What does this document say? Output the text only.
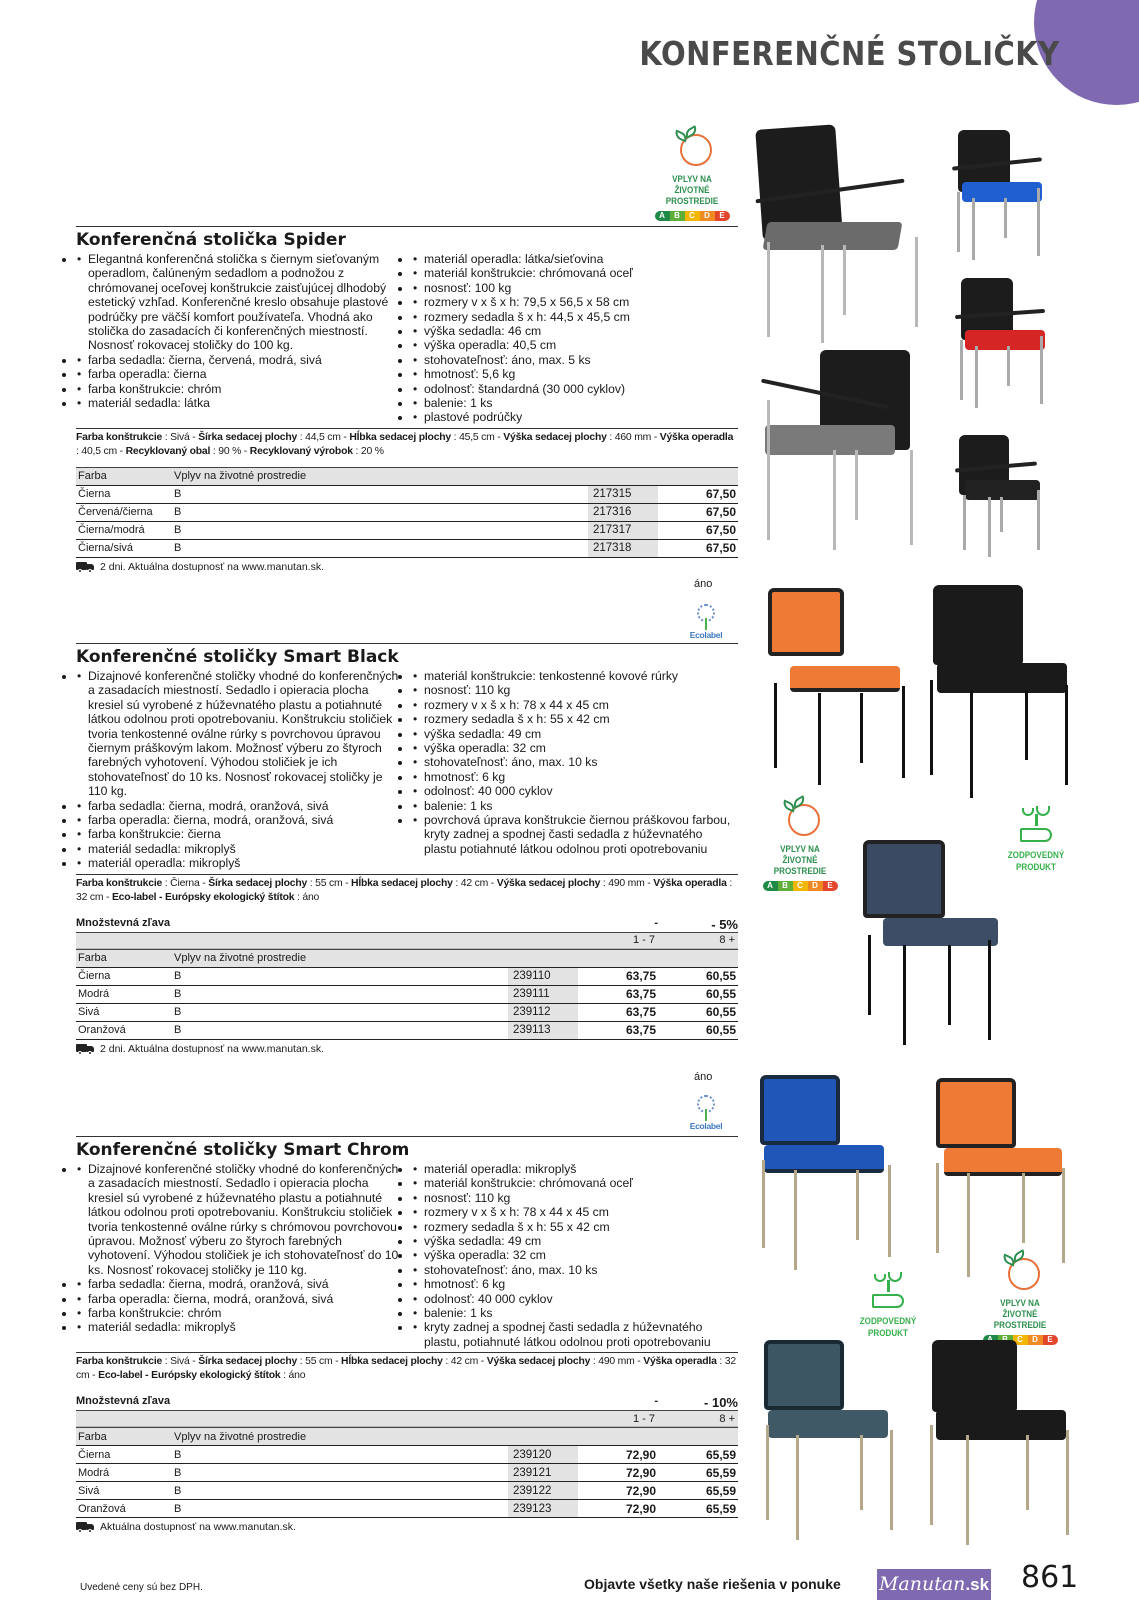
KONFERENČNÉ STOLIČKY
VPLYV NA
ŽIVOTNÉ PROSTREDIE
A	B	C	D	E
Konferenčná stolička Spider
• • Elegantná konferenčná stolička s čiernym sieťovaným operadlom, čalúneným sedadlom a podnožou z chrómovanej oceľovej konštrukcie zaisťujúcej dlhodobý estetický vzhľad. Konferenčné kreslo obsahuje plastové podrúčky pre väčší komfort používateľa. Vhodná ako stolička do zasadacích či konferenčných miestností. Nosnosť rokovacej stoličky do 100 kg.
• • farba sedadla: čierna, červená, modrá, sivá
• • farba operadla: čierna
• • farba konštrukcie: chróm
• • materiál sedadla: látka
• • materiál operadla: látka/sieťovina
• • materiál konštrukcie: chrómovaná oceľ
• • nosnosť: 100 kg
• • rozmery v x š x h: 79,5 x 56,5 x 58 cm
• • rozmery sedadla š x h: 44,5 x 45,5 cm
• • výška sedadla: 46 cm
• • výška operadla: 40,5 cm
• • stohovateľnosť: áno, max. 5 ks
• • hmotnosť: 5,6 kg
• • odolnosť: štandardná (30 000 cyklov)
• • balenie: 1 ks
• • plastové podrúčky
Farba konštrukcie : Sivá - Šírka sedacej plochy : 44,5 cm - Hĺbka sedacej plochy : 45,5 cm - Výška sedacej plochy : 460 mm - Výška operadla : 40,5 cm - Recyklovaný obal : 90 % - Recyklovaný výrobok : 20 %
Farba	Vplyv na životné prostredie		
Čierna	B	217315	67,50
Červená/čierna	B	217316	67,50
Čierna/modrá	B	217317	67,50
Čierna/sivá	B	217318	67,50
2 dni. Aktuálna dostupnosť na www.manutan.sk.
áno
Ecolabel
Konferenčné stoličky Smart Black
• • Dizajnové konferenčné stoličky vhodné do konferenčných a zasadacích miestností. Sedadlo i opieracia plocha kresiel sú vyrobené z húževnatého plastu a potiahnuté látkou odolnou proti opotrebovaniu. Konštrukciu stoličiek tvoria tenkostenné oválne rúrky s povrchovou úpravou čiernym práškovým lakom. Možnosť výberu zo štyroch farebných vyhotovení. Výhodou stoličiek je ich stohovateľnosť do 10 ks. Nosnosť rokovacej stoličky je 110 kg.
• • farba sedadla: čierna, modrá, oranžová, sivá
• • farba operadla: čierna, modrá, oranžová, sivá
• • farba konštrukcie: čierna
• • materiál sedadla: mikroplyš
• • materiál operadla: mikroplyš
• • materiál konštrukcie: tenkostenné kovové rúrky
• • nosnosť: 110 kg
• • rozmery v x š x h: 78 x 44 x 45 cm
• • rozmery sedadla š x h: 55 x 42 cm
• • výška sedadla: 49 cm
• • výška operadla: 32 cm
• • stohovateľnosť: áno, max. 10 ks
• • hmotnosť: 6 kg
• • odolnosť: 40 000 cyklov
• • balenie: 1 ks
• • povrchová úprava konštrukcie čiernou práškovou farbou, kryty zadnej a spodnej časti sedadla z húževnatého plastu potiahnuté látkou odolnou proti opotrebovaniu
Farba konštrukcie : Čierna - Šírka sedacej plochy : 55 cm - Hĺbka sedacej plochy : 42 cm - Výška sedacej plochy : 490 mm - Výška operadla : 32 cm - Eco-label - Európsky ekologický štítok : áno
Množstevná zľava	-	- 5%
1 - 7	8 +
Farba	Vplyv na životné prostredie			
Čierna	B	239110	63,75	60,55
Modrá	B	239111	63,75	60,55
Sivá	B	239112	63,75	60,55
Oranžová	B	239113	63,75	60,55
2 dni. Aktuálna dostupnosť na www.manutan.sk.
VPLYV NA
ŽIVOTNÉ PROSTREDIE
A	B	C	D	E
ZODPOVEDNÝ
PRODUKT
áno
Ecolabel
Konferenčné stoličky Smart Chrom
• • Dizajnové konferenčné stoličky vhodné do konferenčných a zasadacích miestností. Sedadlo i opieracia plocha kresiel sú vyrobené z húževnatého plastu a potiahnuté látkou odolnou proti opotrebovaniu. Konštrukciu stoličiek tvoria tenkostenné oválne rúrky s chrómovou povrchovou úpravou. Možnosť výberu zo štyroch farebných vyhotovení. Výhodou stoličiek je ich stohovateľnosť do 10 ks. Nosnosť rokovacej stoličky je 110 kg.
• • farba sedadla: čierna, modrá, oranžová, sivá
• • farba operadla: čierna, modrá, oranžová, sivá
• • farba konštrukcie: chróm
• • materiál sedadla: mikroplyš
• • materiál operadla: mikroplyš
• • materiál konštrukcie: chrómovaná oceľ
• • nosnosť: 110 kg
• • rozmery v x š x h: 78 x 44 x 45 cm
• • rozmery sedadla š x h: 55 x 42 cm
• • výška sedadla: 49 cm
• • výška operadla: 32 cm
• • stohovateľnosť: áno, max. 10 ks
• • hmotnosť: 6 kg
• • odolnosť: 40 000 cyklov
• • balenie: 1 ks
• • kryty zadnej a spodnej časti sedadla z húževnatého plastu, potiahnuté látkou odolnou proti opotrebovaniu
Farba konštrukcie : Sivá - Šírka sedacej plochy : 55 cm - Hĺbka sedacej plochy : 42 cm - Výška sedacej plochy : 490 mm - Výška operadla : 32 cm - Eco-label - Európsky ekologický štítok : áno
Množstevná zľava	-	- 10%
1 - 7	8 +
Farba	Vplyv na životné prostredie			
Čierna	B	239120	72,90	65,59
Modrá	B	239121	72,90	65,59
Sivá	B	239122	72,90	65,59
Oranžová	B	239123	72,90	65,59
Aktuálna dostupnosť na www.manutan.sk.
ZODPOVEDNÝ
PRODUKT
VPLYV NA
ŽIVOTNÉ PROSTREDIE
C	D	E
Uvedené ceny sú bez DPH.	Objavte všetky naše riešenia v ponuke Manutan.sk 861
